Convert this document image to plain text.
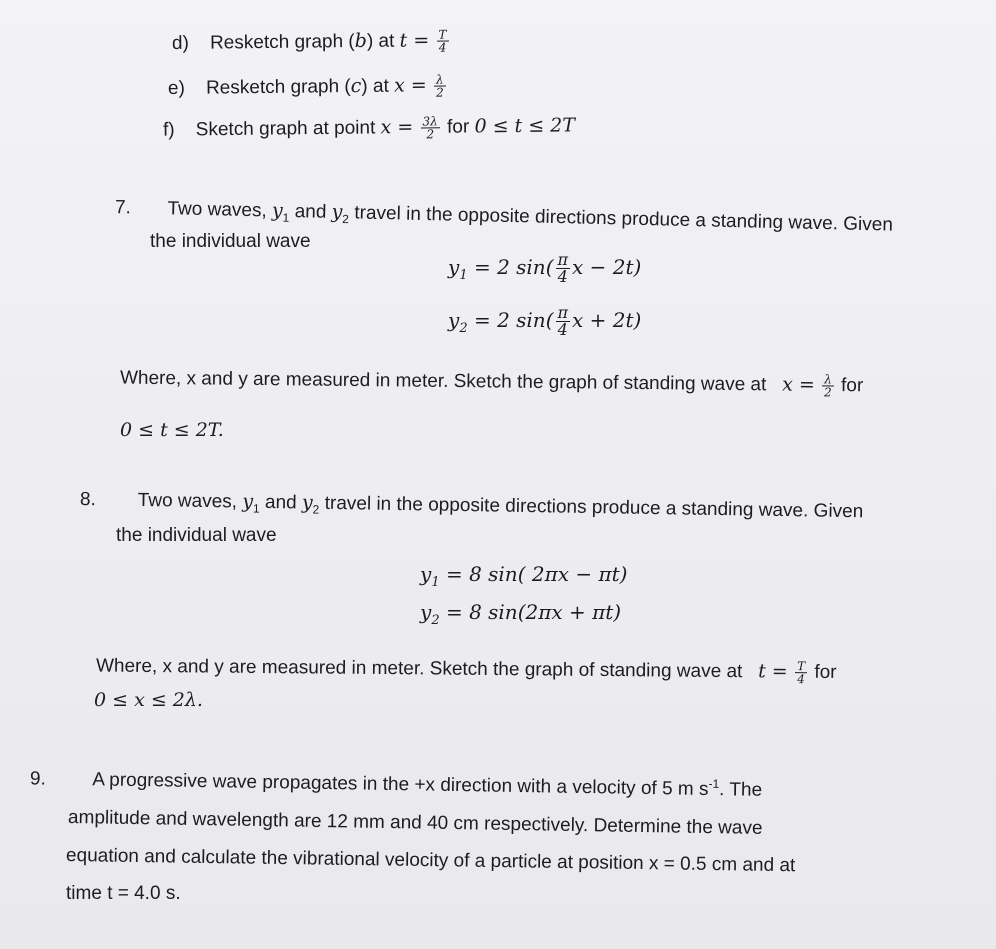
d) Resketch graph (b) at $t = \frac{T}{4}$
e) Resketch graph (c) at $x = \frac{\lambda}{2}$
f) Sketch graph at point $x = \frac{3\lambda}{2}$ for 0 ≤ t ≤ 2T
7. Two waves, $y_1$ and $y_2$ travel in the opposite directions produce a standing wave. Given
the individual wave
$y_1 = 2$ $\sin( \frac{\pi}{4}$ x − 2t)
$y_2 = 2$ $\sin( \frac{\pi}{4}$ x + 2t)
Where, x and y are measured in meter. Sketch the graph of standing wave at $x = \frac{\lambda}{2}$ for
0 ≤ t ≤ 2T.
8. Two waves, $y_1$ and $y_2$ travel in the opposite directions produce a standing wave. Given
the individual wave
$y_1 = 8$ sin( 2πx − πt)
$y_2 = 8$ sin(2πx + πt)
Where, x and y are measured in meter. Sketch the graph of standing wave at $t = \frac{T}{4}$ for
0 ≤ x ≤ 2λ.
9. A progressive wave propagates in the +x direction with a velocity of 5 m $s^{-1}$. The
amplitude and wavelength are 12 mm and 40 cm respectively. Determine the wave
equation and calculate the vibrational velocity of a particle at position x = 0.5 cm and at
time t = 4.0 s.
